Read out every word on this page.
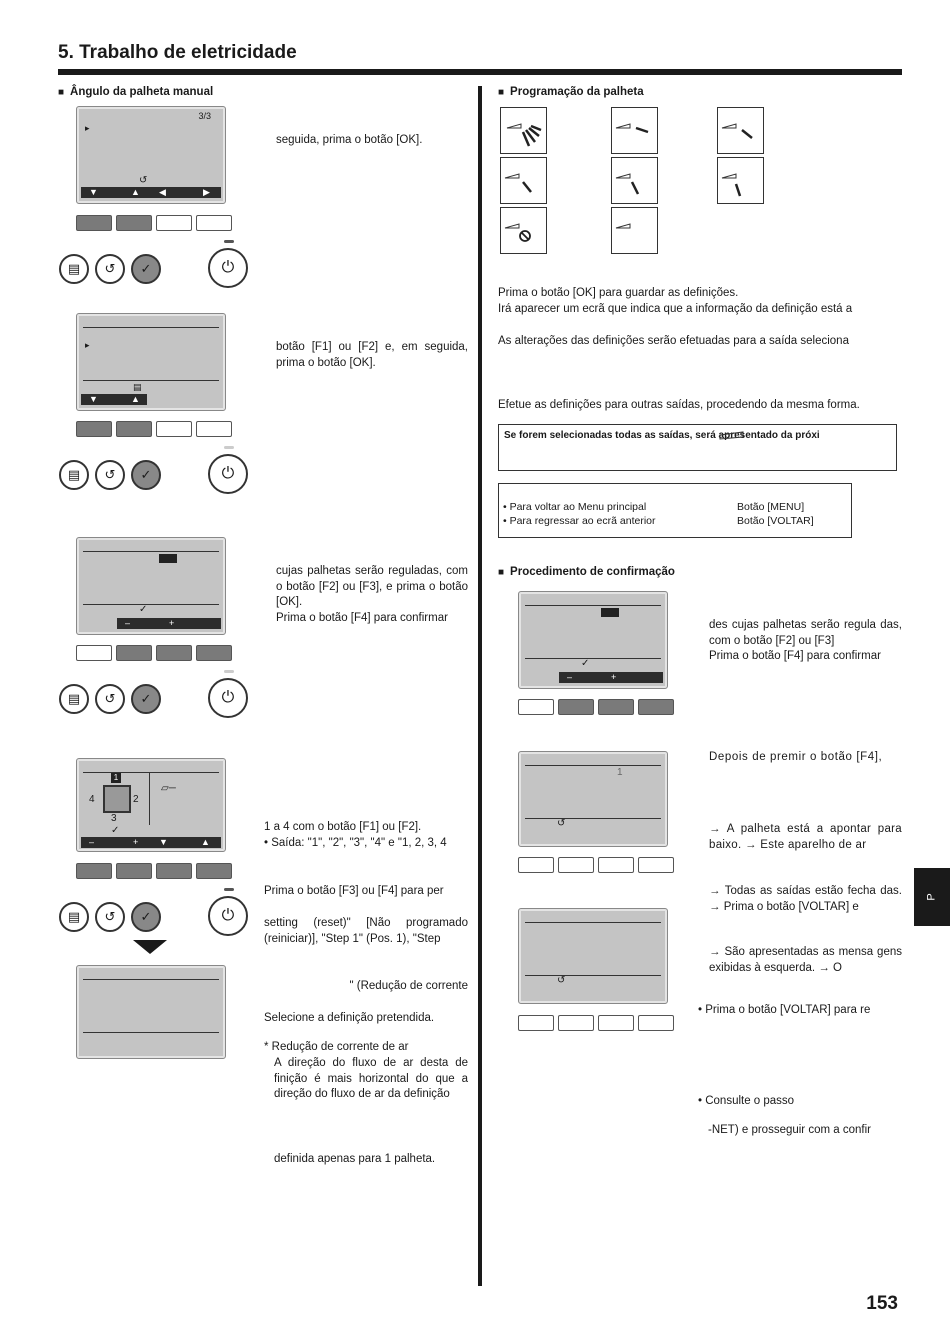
5. Trabalho de eletricidade
■ Ângulo da palheta manual
3/3
▸
↺
▼	▲ ◀	▶
▤ ↺ ✓	⏻
seguida, prima o botão [OK].
▸
▤
▼	▲
▤ ↺ ✓	⏻
botão [F1] ou [F2] e, em seguida, prima o botão [OK].
✓
–	+
▤ ↺ ✓	⏻
cujas palhetas serão reguladas, com o botão [F2] ou [F3], e prima o botão [OK].
Prima o botão [F4] para confirmar
1
4	2
3
▱─
✓
–	+ ▼	▲
▤ ↺ ✓	⏻
1 a 4 com o botão [F1] ou [F2].
• Saída: "1", "2", "3", "4" e "1, 2, 3, 4
Prima o botão [F3] ou [F4] para per
setting (reset)" [Não programado (reiniciar)], "Step 1" (Pos. 1), "Step
" (Redução de corrente
Selecione a definição pretendida.
* Redução de corrente de ar
A direção do fluxo de ar desta de finição é mais horizontal do que a direção do fluxo de ar da definição
definida apenas para 1 palheta.
■ Programação da palheta
Prima o botão [OK] para guardar as definições.
Irá aparecer um ecrã que indica que a informação da definição está a
As alterações das definições serão efetuadas para a saída seleciona
Efetue as definições para outras saídas, procedendo da mesma forma.
Se forem selecionadas todas as saídas, será apresentado da próxi
• Para voltar ao Menu principal	Botão [MENU]
• Para regressar ao ecrã anterior	Botão [VOLTAR]
■ Procedimento de confirmação
✓
–	+
1
↺
↺
des cujas palhetas serão regula das, com o botão [F2] ou [F3]
Prima o botão [F4] para confirmar
Depois de premir o botão [F4],
→ A palheta está a apontar para baixo. → Este aparelho de ar
→ Todas as saídas estão fecha das. → Prima o botão [VOLTAR] e
→ São apresentadas as mensa gens exibidas à esquerda. → O
• Prima o botão [VOLTAR] para re
• Consulte o passo
-NET) e prosseguir com a confir
P
153
